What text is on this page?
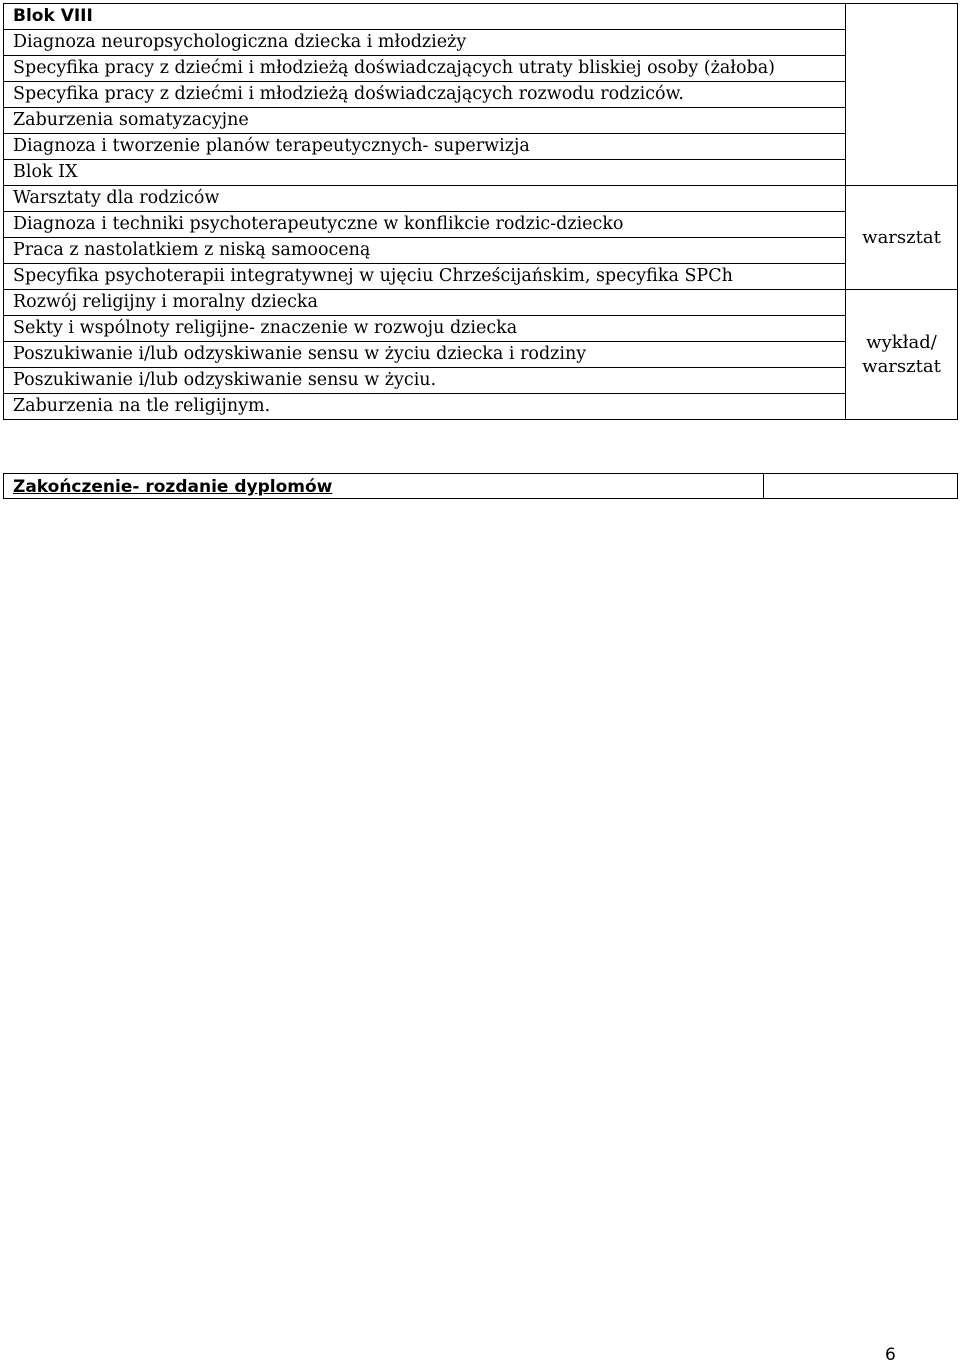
Blok VIII	
Diagnoza neuropsychologiczna dziecka i młodzieży	
Specyfika pracy z dziećmi i młodzieżą doświadczających utraty bliskiej osoby (żałoba)	
Specyfika pracy z dziećmi i młodzieżą doświadczających rozwodu rodziców.	
Zaburzenia somatyzacyjne	
Diagnoza i tworzenie planów terapeutycznych- superwizja	
Blok IX	
Warsztaty dla rodziców	warsztat
Diagnoza i techniki psychoterapeutyczne w konflikcie rodzic-dziecko	
Praca z nastolatkiem z niską samooceną	
Specyfika psychoterapii integratywnej w ujęciu Chrześcijańskim, specyfika SPCh	
Rozwój religijny i moralny dziecka	wykład/ warsztat
Sekty i wspólnoty religijne- znaczenie w rozwoju dziecka	
Poszukiwanie i/lub odzyskiwanie sensu w życiu dziecka i rodziny	
Poszukiwanie i/lub odzyskiwanie sensu w życiu.	
Zaburzenia na tle religijnym.	
Zakończenie- rozdanie dyplomów	
6
